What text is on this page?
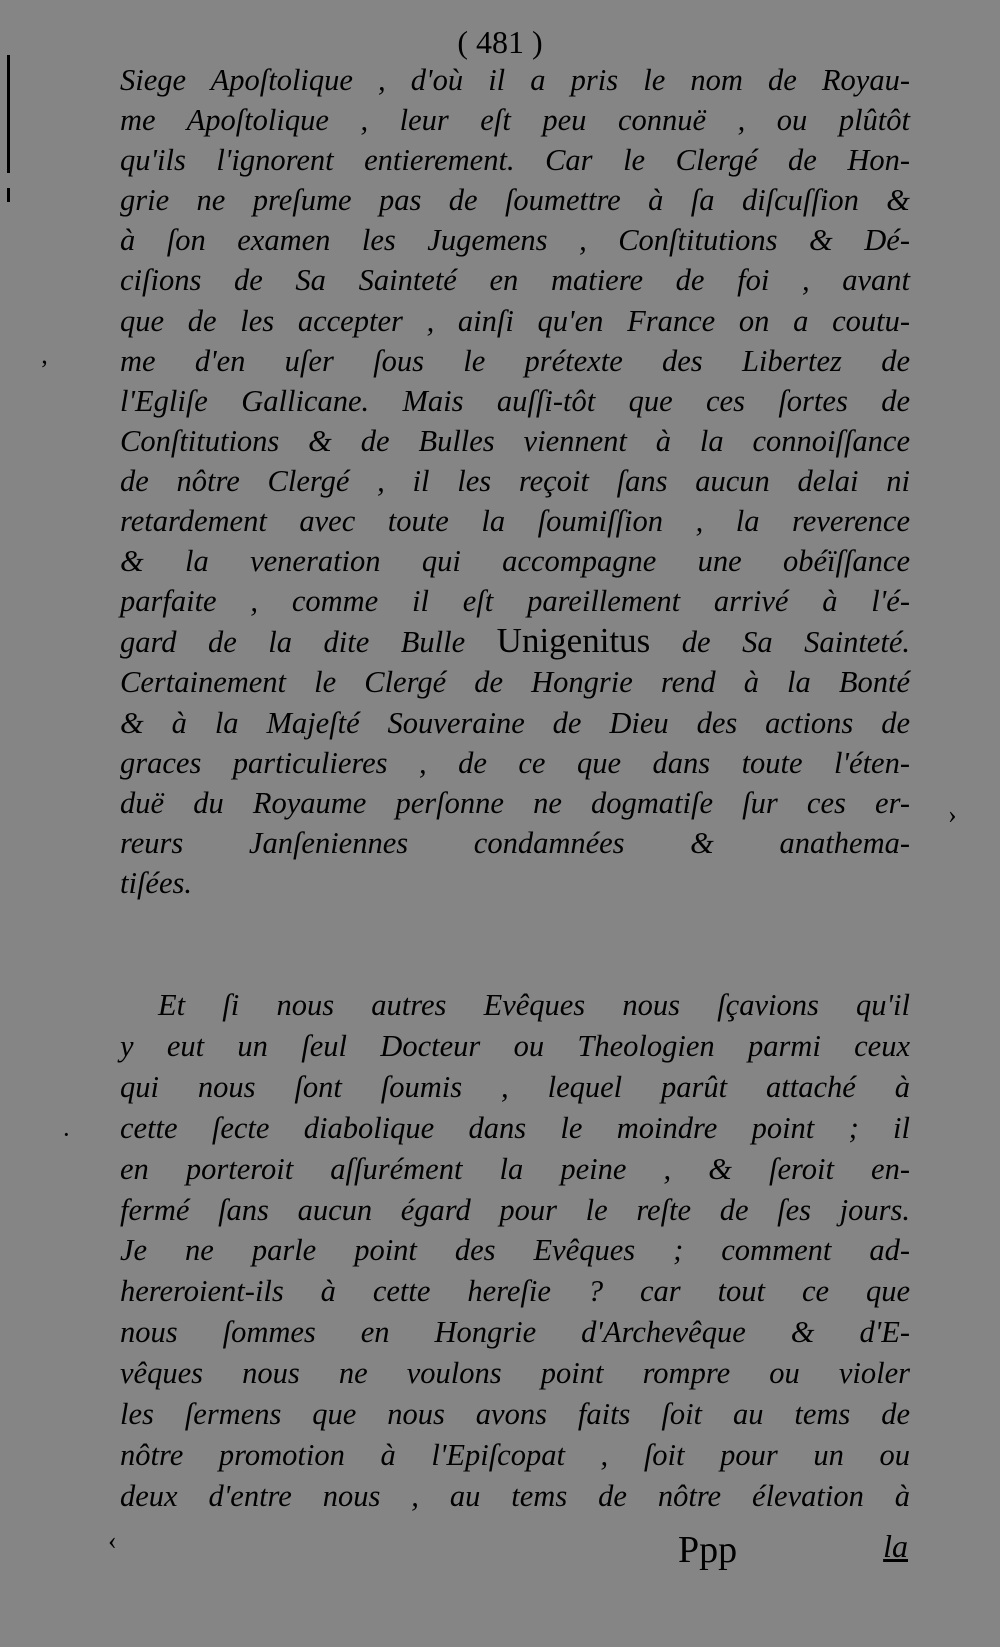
( 481 )
Siege Apoſtolique , d'où il a pris le nom de Royau-
me Apoſtolique , leur eſt peu connuë , ou plûtôt
qu'ils l'ignorent entierement. Car le Clergé de Hon-
grie ne preſume pas de ſoumettre à ſa diſcuſſion &
à ſon examen les Jugemens , Conſtitutions & Dé-
ciſions de Sa Sainteté en matiere de foi , avant
que de les accepter , ainſi qu'en France on a coutu-
me d'en uſer ſous le prétexte des Libertez de
l'Egliſe Gallicane. Mais auſſi-tôt que ces ſortes de
Conſtitutions & de Bulles viennent à la connoiſſance
de nôtre Clergé , il les reçoit ſans aucun delai ni
retardement avec toute la ſoumiſſion , la reverence
& la veneration qui accompagne une obéïſſance
parfaite , comme il eſt pareillement arrivé à l'é-
gard de la dite Bulle Unigenitus de Sa Sainteté.
Certainement le Clergé de Hongrie rend à la Bonté
& à la Majeſté Souveraine de Dieu des actions de
graces particulieres , de ce que dans toute l'éten-
duë du Royaume perſonne ne dogmatiſe ſur ces er-
reurs Janſeniennes condamnées & anathema-
tiſées.
Et ſi nous autres Evêques nous ſçavions qu'il
y eut un ſeul Docteur ou Theologien parmi ceux
qui nous ſont ſoumis , lequel parût attaché à
cette ſecte diabolique dans le moindre point ; il
en porteroit aſſurément la peine , & ſeroit en-
fermé ſans aucun égard pour le reſte de ſes jours.
Je ne parle point des Evêques ; comment ad-
hereroient-ils à cette hereſie ? car tout ce que
nous ſommes en Hongrie d'Archevêque & d'E-
vêques nous ne voulons point rompre ou violer
les ſermens que nous avons faits ſoit au tems de
nôtre promotion à l'Epiſcopat , ſoit pour un ou
deux d'entre nous , au tems de nôtre élevation à
Ppp	la
‚
›
·
‹
